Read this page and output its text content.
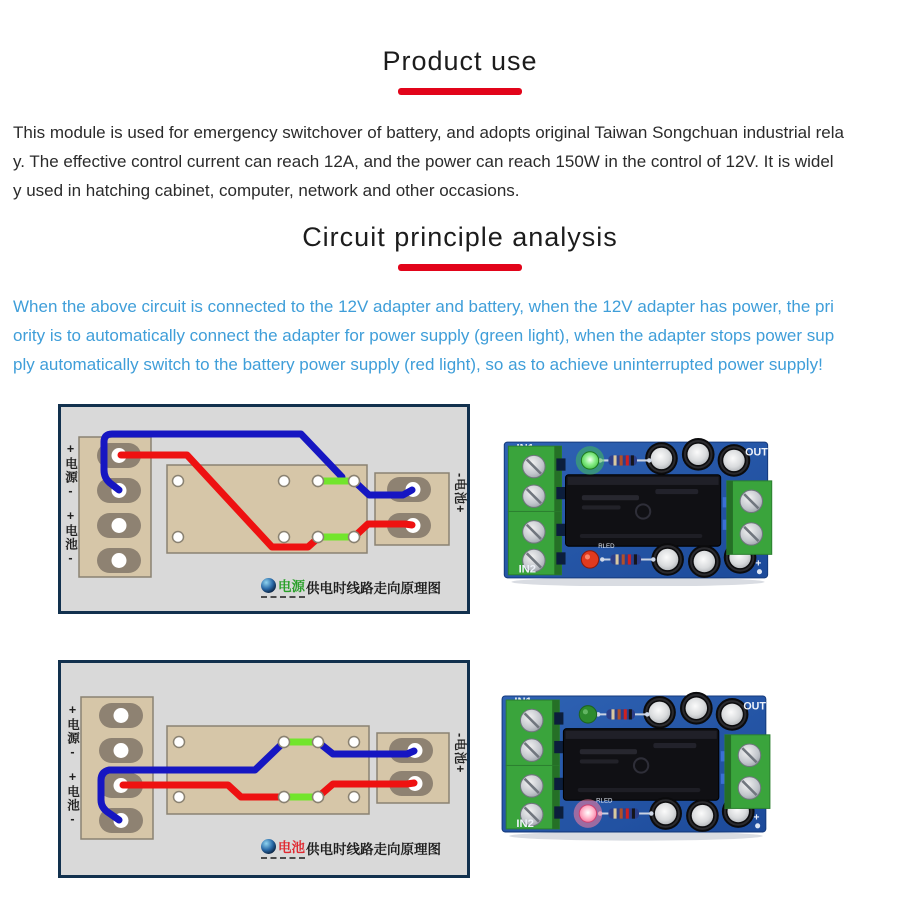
Product use
This module is used for emergency switchover of battery, and adopts original Taiwan Songchuan industrial rela
y. The effective control current can reach 12A, and the power can reach 150W in the control of 12V. It is widel
y used in hatching cabinet, computer, network and other occasions.
Circuit principle analysis
When the above circuit is connected to the 12V adapter and battery, when the 12V adapter has power, the pri
ority is to automatically connect the adapter for power supply (green light), when the adapter stops power sup
ply automatically switch to the battery power supply (red light), so as to achieve uninterrupted power supply!
+电源-
+电池-
-电池+
电源 供电时线路走向原理图
OUT
IN2
RLED
+
+电源-
+电池-
-电池+
电池 供电时线路走向原理图
OUT
IN2
RLED
+
